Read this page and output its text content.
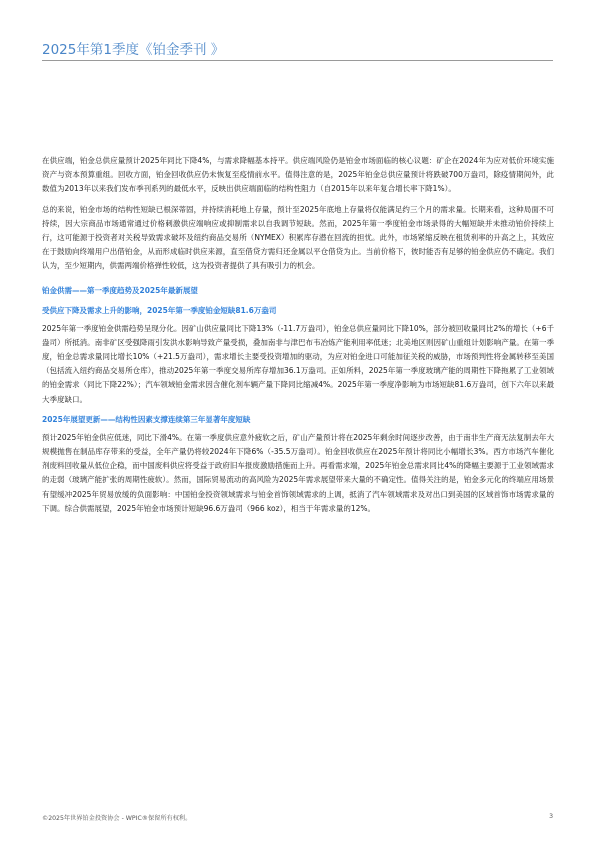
2025年第1季度《铂金季刊 》

在供应端，铂金总供应量预计2025年同比下降4%，与需求降幅基本持平。供应端风险仍是铂金市场面临的核心议题：矿企在2024年为应对低价环境实施资产与资本预算重组。回收方面，铂金回收供应仍未恢复至疫情前水平。值得注意的是，2025年铂金总供应量预计将跌破700万盎司，除疫情期间外，此数值为2013年以来我们发布季刊系列的最低水平，反映出供应端面临的结构性阻力（自2015年以来年复合增长率下降1%）。

总的来说，铂金市场的结构性短缺已根深蒂固，并持续消耗地上存量，预计至2025年底地上存量将仅能满足约三个月的需求量。长期来看，这种局面不可持续，因大宗商品市场通常通过价格刺激供应端响应或抑制需求以自我调节短缺。然而，2025年第一季度铂金市场录得的大幅短缺并未推动铂价持续上行，这可能源于投资者对关税导致需求破坏及纽约商品交易所（NYMEX）积累库存潜在回流的担忧。此外，市场紧缩反映在租赁利率的升高之上，其效应在于鼓励向终端用户出借铂金，从而形成临时供应来源，直至借贷方需归还金属以平仓借贷为止。当前价格下，彼时能否有足够的铂金供应仍不确定。我们认为，至少短期内，供需两端价格弹性较低，这为投资者提供了具有吸引力的机会。

铂金供需——第一季度趋势及2025年最新展望
受供应下降及需求上升的影响，2025年第一季度铂金短缺81.6万盎司

2025年第一季度铂金供需趋势呈现分化。因矿山供应量同比下降13%（-11.7万盎司），铂金总供应量同比下降10%，部分被回收量同比2%的增长（+6千盎司）所抵消。南非矿区受强降雨引发洪水影响导致产量受损，叠加南非与津巴布韦冶炼产能利用率低迷；北美地区则因矿山重组计划影响产量。在第一季度，铂金总需求量同比增长10%（+21.5万盎司），需求增长主要受投资增加的驱动，为应对铂金进口可能加征关税的威胁，市场预判性将金属转移至美国（包括流入纽约商品交易所仓库），推动2025年第一季度交易所库存增加36.1万盎司。正如所料，2025年第一季度玻璃产能的周期性下降拖累了工业领域的铂金需求（同比下降22%）；汽车领域铂金需求因含催化剂车辆产量下降同比缩减4%。2025年第一季度净影响为市场短缺81.6万盎司，创下六年以来最大季度缺口。

2025年展望更新——结构性因素支撑连续第三年显著年度短缺

预计2025年铂金供应低迷，同比下滑4%。在第一季度供应意外疲软之后，矿山产量预计将在2025年剩余时间逐步改善，由于南非生产商无法复制去年大规模抛售在制品库存带来的受益，全年产量仍将较2024年下降6%（-35.5万盎司）。铂金回收供应在2025年预计将同比小幅增长3%。西方市场汽车催化剂废料回收量从低位企稳，而中国废料供应将受益于政府旧车报废激励措施而上升。再看需求端，2025年铂金总需求同比4%的降幅主要源于工业领域需求的走弱（玻璃产能扩张的周期性疲软）。然而，国际贸易流动的高风险为2025年需求展望带来大量的不确定性。值得关注的是，铂金多元化的终端应用场景有望缓冲2025年贸易放缓的负面影响：中国铂金投资领域需求与铂金首饰领域需求的上调，抵消了汽车领域需求及对出口到美国的区域首饰市场需求量的下调。综合供需展望，2025年铂金市场预计短缺96.6万盎司（966 koz），相当于年需求量的12%。

©2025年世界铂金投资协会 - WPIC®保留所有权利。	3
